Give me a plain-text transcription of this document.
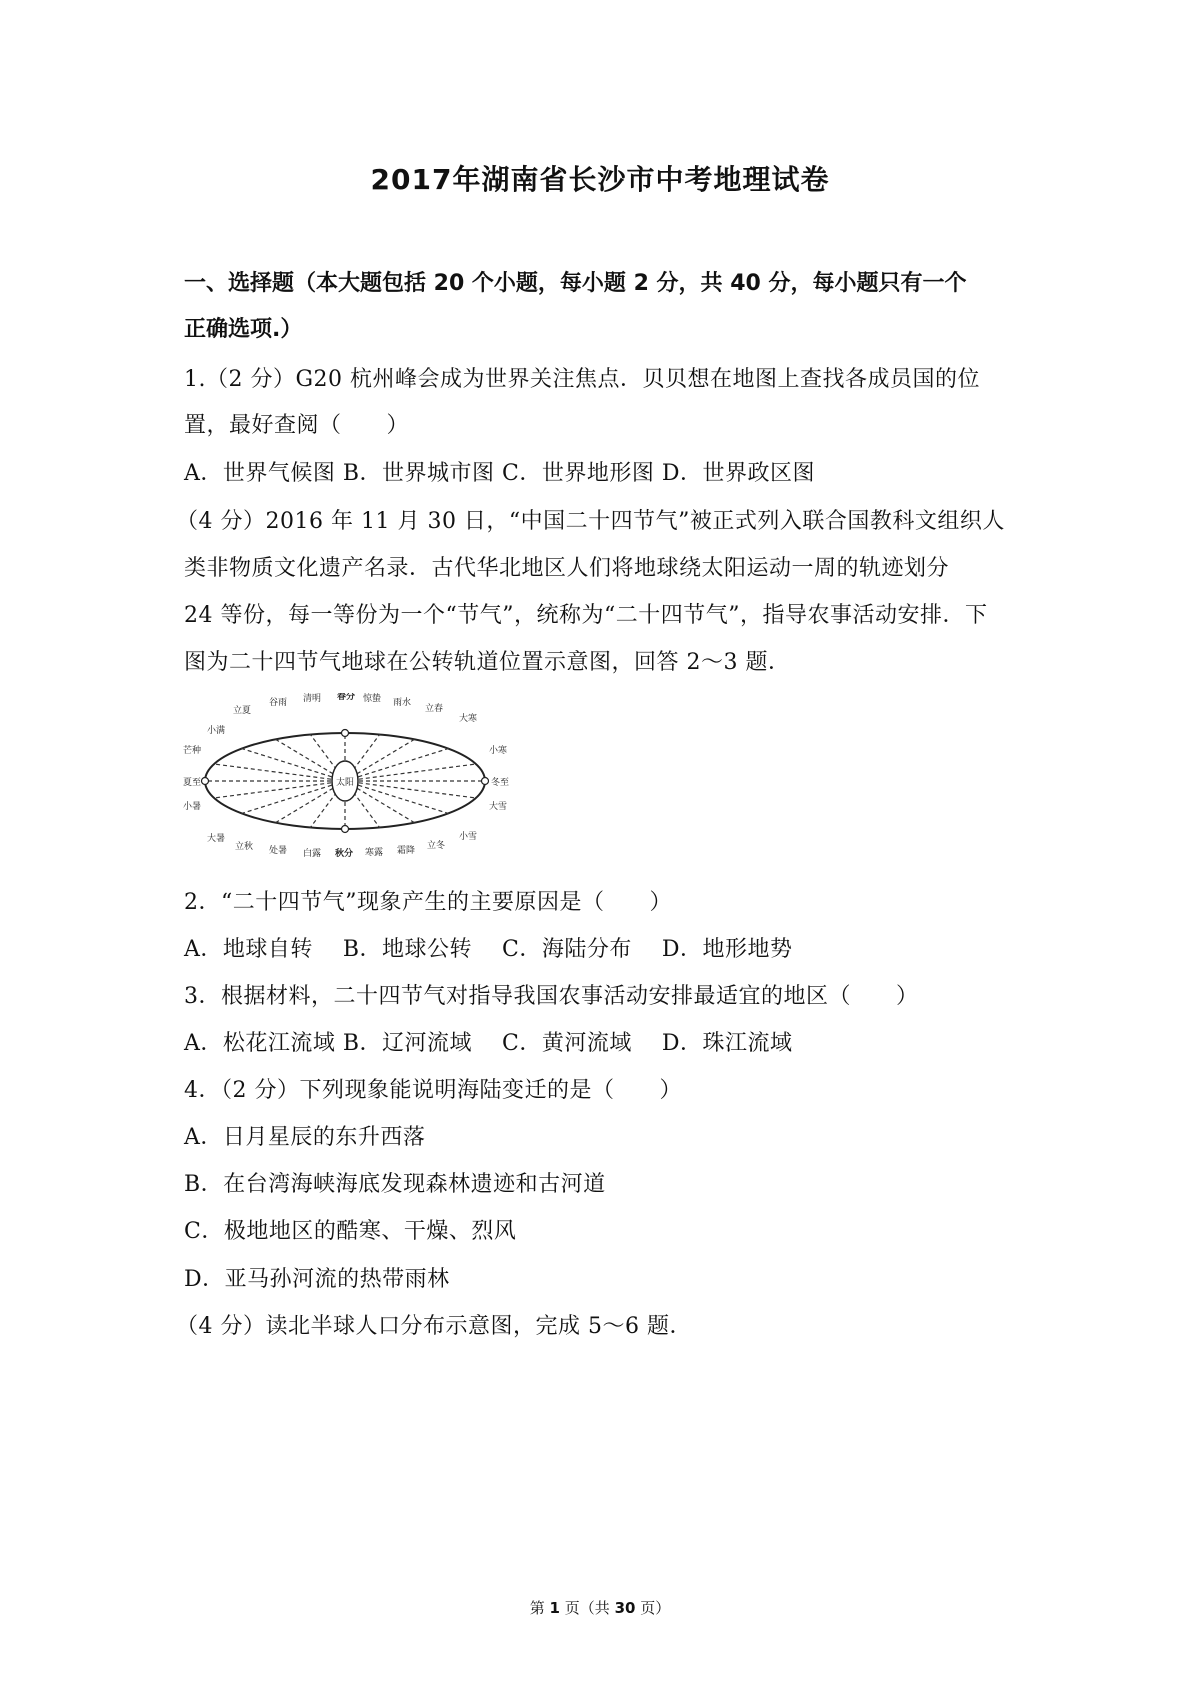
2017年湖南省长沙市中考地理试卷
一、选择题（本大题包括 20 个小题，每小题 2 分，共 40 分，每小题只有一个
正确选项.）
1.（2 分）G20 杭州峰会成为世界关注焦点．贝贝想在地图上查找各成员国的位
置，最好查阅（　　）
A．世界气候图 B．世界城市图 C．世界地形图 D．世界政区图
（4 分）2016 年 11 月 30 日，“中国二十四节气”被正式列入联合国教科文组织人
类非物质文化遗产名录．古代华北地区人们将地球绕太阳运动一周的轨迹划分
24 等份，每一等份为一个“节气”，统称为“二十四节气”，指导农事活动安排．下
图为二十四节气地球在公转轨道位置示意图，回答 2～3 题．
太阳
小满
立夏
谷雨 清明 春分 惊蛰 雨水
立春
大寒
芒种
夏至
小暑
小寒
冬至
大雪
大暑
立秋 处暑 白露 秋分 寒露 霜降 立冬
小雪
2．“二十四节气”现象产生的主要原因是（　　）
A．地球自转　 B．地球公转　 C．海陆分布　 D．地形地势
3．根据材料，二十四节气对指导我国农事活动安排最适宜的地区（　　）
A．松花江流域 B．辽河流域　 C．黄河流域　 D．珠江流域
4．（2 分）下列现象能说明海陆变迁的是（　　）
A．日月星辰的东升西落
B．在台湾海峡海底发现森林遗迹和古河道
C．极地地区的酷寒、干燥、烈风
D．亚马孙河流的热带雨林
（4 分）读北半球人口分布示意图，完成 5～6 题．
第 1 页（共 30 页）
